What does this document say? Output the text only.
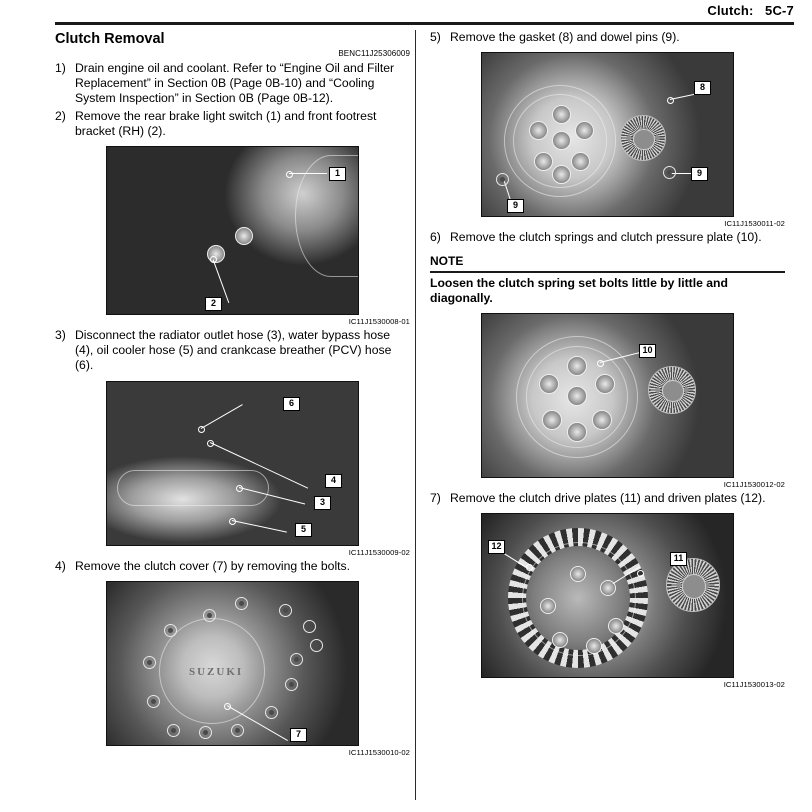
Clutch:   5C-7
Clutch Removal
BENC11J25306009
1) Drain engine oil and coolant. Refer to “Engine Oil and Filter Replacement” in Section 0B (Page 0B-10) and “Cooling System Inspection” in Section 0B (Page 0B-12).
2) Remove the rear brake light switch (1) and front footrest bracket (RH) (2).
1
2
IC11J1530008-01
3) Disconnect the radiator outlet hose (3), water bypass hose (4), oil cooler hose (5) and crankcase breather (PCV) hose (6).
6
4
3
5
IC11J1530009-02
4) Remove the clutch cover (7) by removing the bolts.
SUZUKI
7
IC11J1530010-02
5) Remove the gasket (8) and dowel pins (9).
8
9
9
IC11J1530011-02
6) Remove the clutch springs and clutch pressure plate (10).
NOTE
Loosen the clutch spring set bolts little by little and diagonally.
10
IC11J1530012-02
7) Remove the clutch drive plates (11) and driven plates (12).
12
11
IC11J1530013-02
